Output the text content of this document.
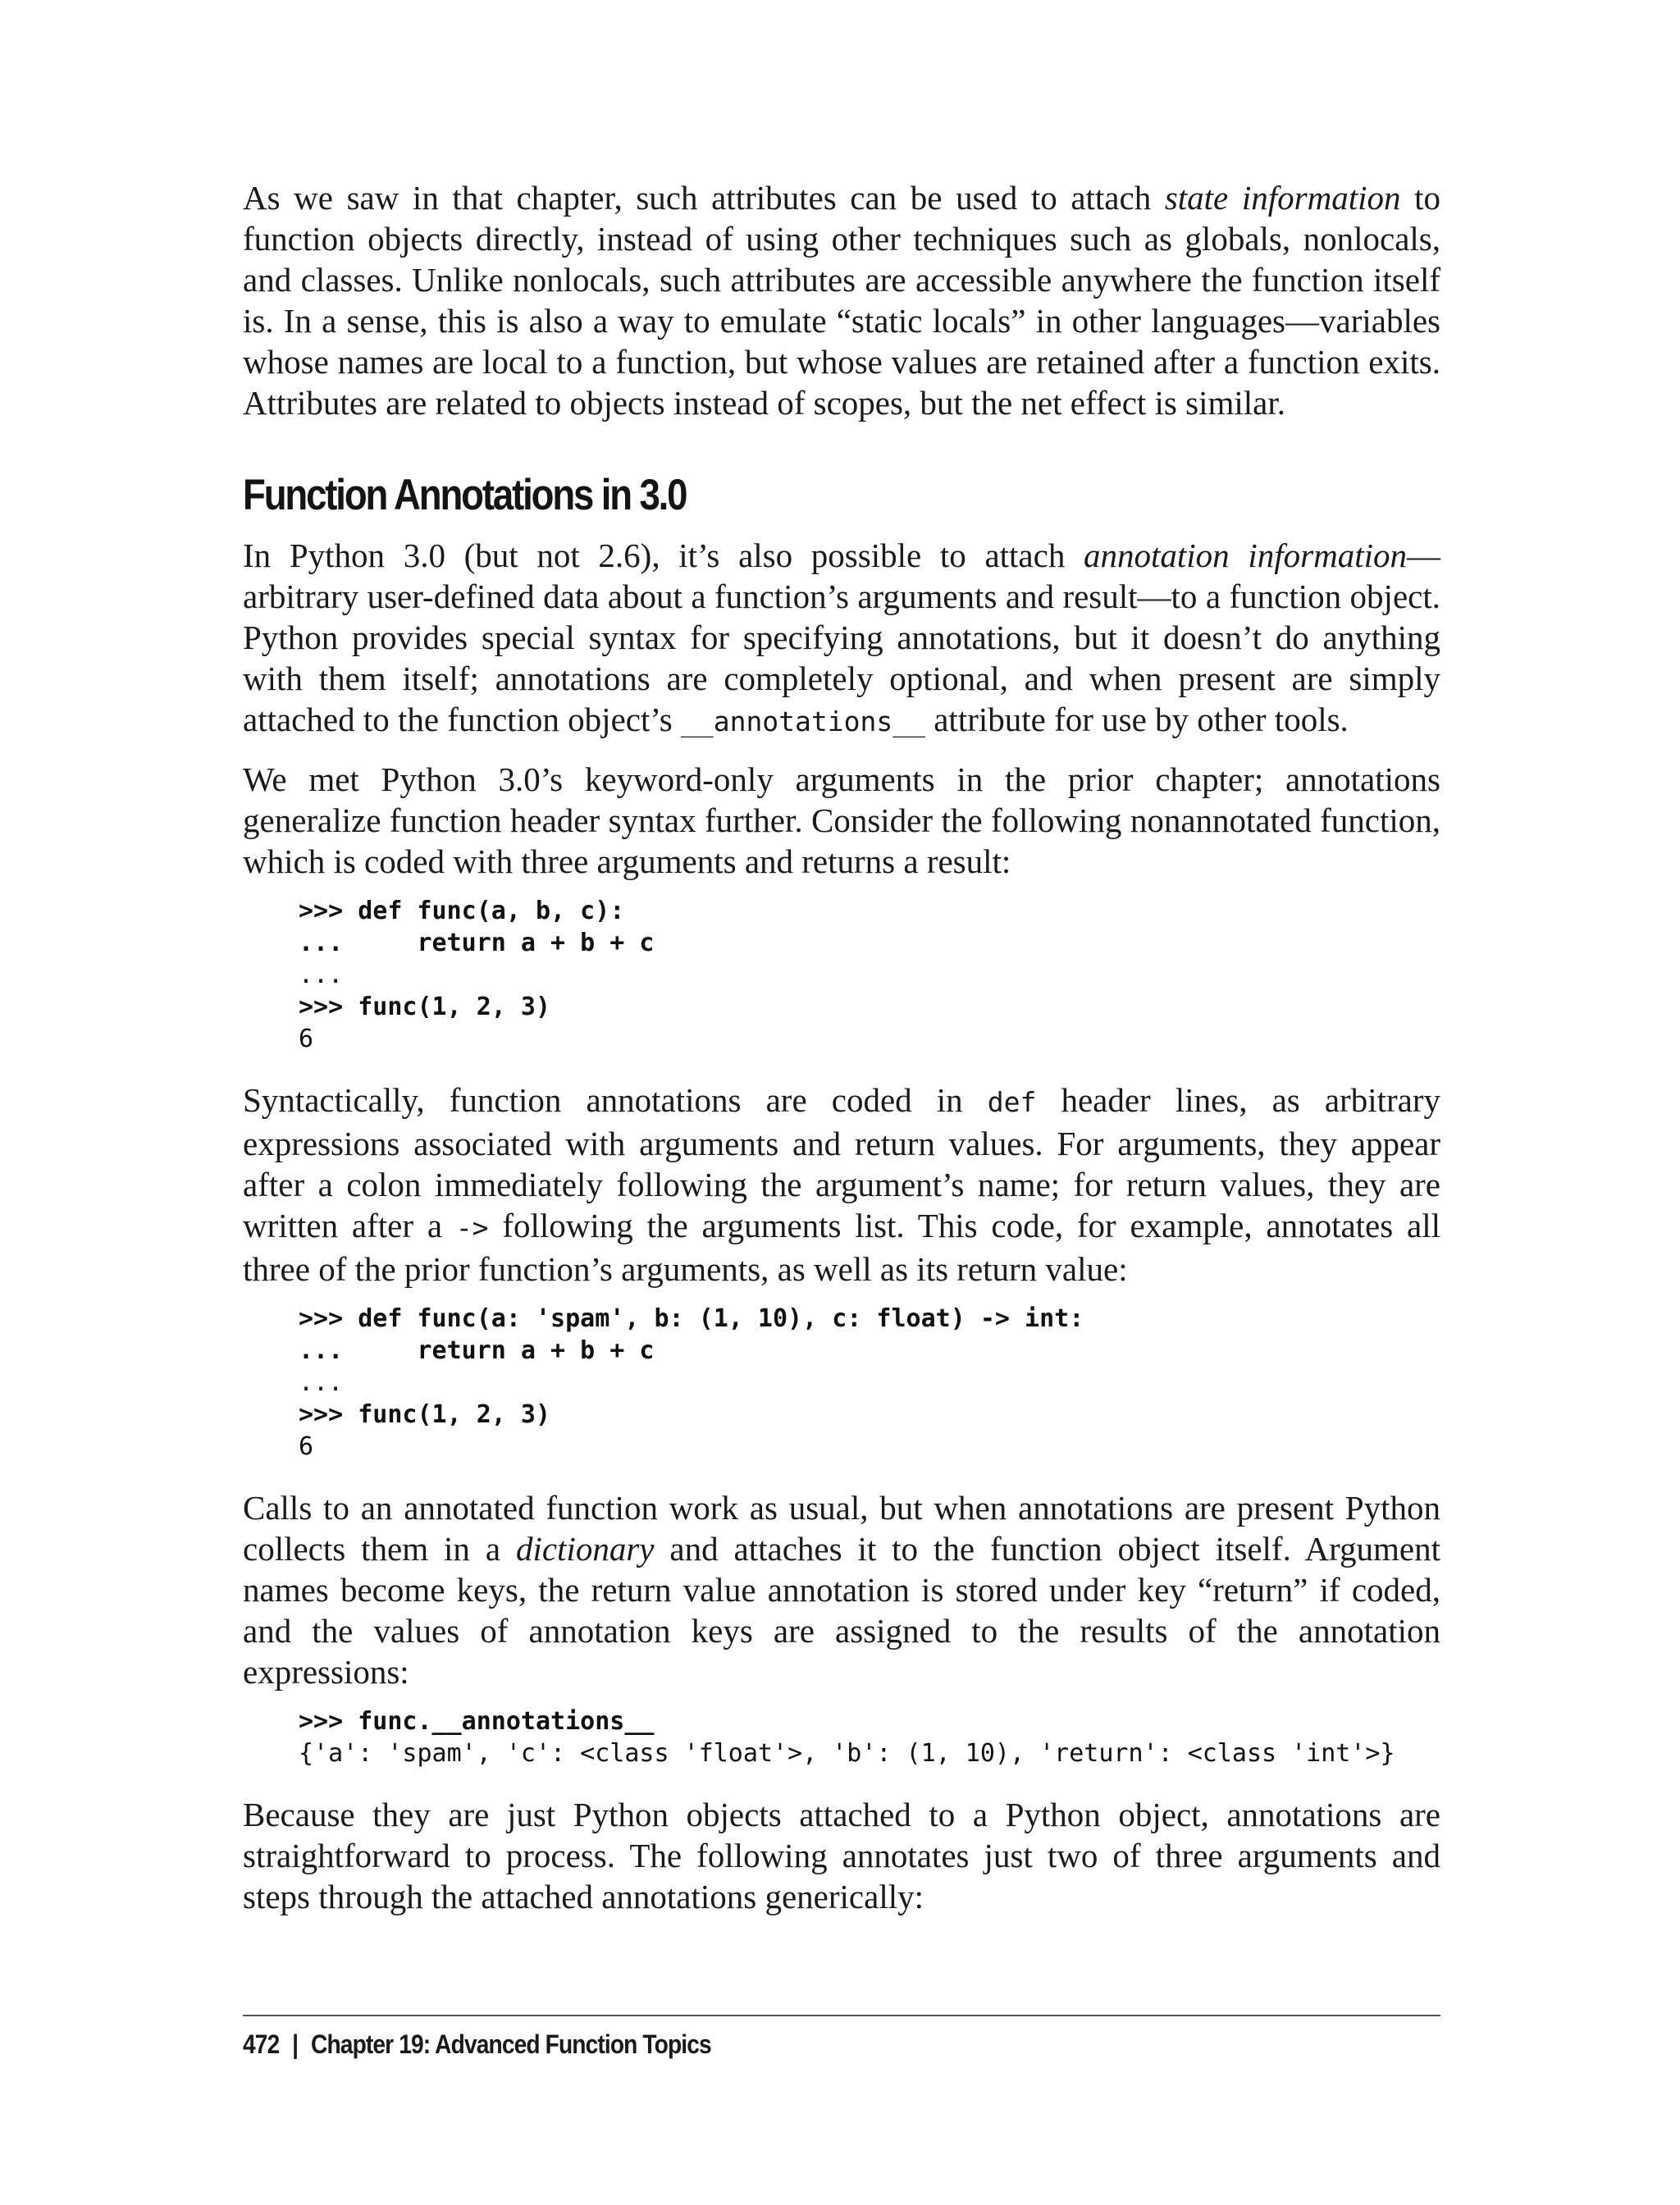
As we saw in that chapter, such attributes can be used to attach state information to function objects directly, instead of using other techniques such as globals, nonlocals, and classes. Unlike nonlocals, such attributes are accessible anywhere the function itself is. In a sense, this is also a way to emulate “static locals” in other languages—variables whose names are local to a function, but whose values are retained after a function exits. Attributes are related to objects instead of scopes, but the net effect is similar.

Function Annotations in 3.0

In Python 3.0 (but not 2.6), it’s also possible to attach annotation information— arbitrary user-defined data about a function’s arguments and result—to a function object. Python provides special syntax for specifying annotations, but it doesn’t do anything with them itself; annotations are completely optional, and when present are simply attached to the function object’s __annotations__ attribute for use by other tools.

We met Python 3.0’s keyword-only arguments in the prior chapter; annotations generalize function header syntax further. Consider the following nonannotated function, which is coded with three arguments and returns a result:

>>> def func(a, b, c):
...     return a + b + c
...
>>> func(1, 2, 3)
6

Syntactically, function annotations are coded in def header lines, as arbitrary expressions associated with arguments and return values. For arguments, they appear after a colon immediately following the argument’s name; for return values, they are written after a -> following the arguments list. This code, for example, annotates all three of the prior function’s arguments, as well as its return value:

>>> def func(a: 'spam', b: (1, 10), c: float) -> int:
...     return a + b + c
...
>>> func(1, 2, 3)
6

Calls to an annotated function work as usual, but when annotations are present Python collects them in a dictionary and attaches it to the function object itself. Argument names become keys, the return value annotation is stored under key “return” if coded, and the values of annotation keys are assigned to the results of the annotation expressions:

>>> func.__annotations__
{'a': 'spam', 'c': <class 'float'>, 'b': (1, 10), 'return': <class 'int'>}

Because they are just Python objects attached to a Python object, annotations are straightforward to process. The following annotates just two of three arguments and steps through the attached annotations generically:

472 | Chapter 19: Advanced Function Topics
